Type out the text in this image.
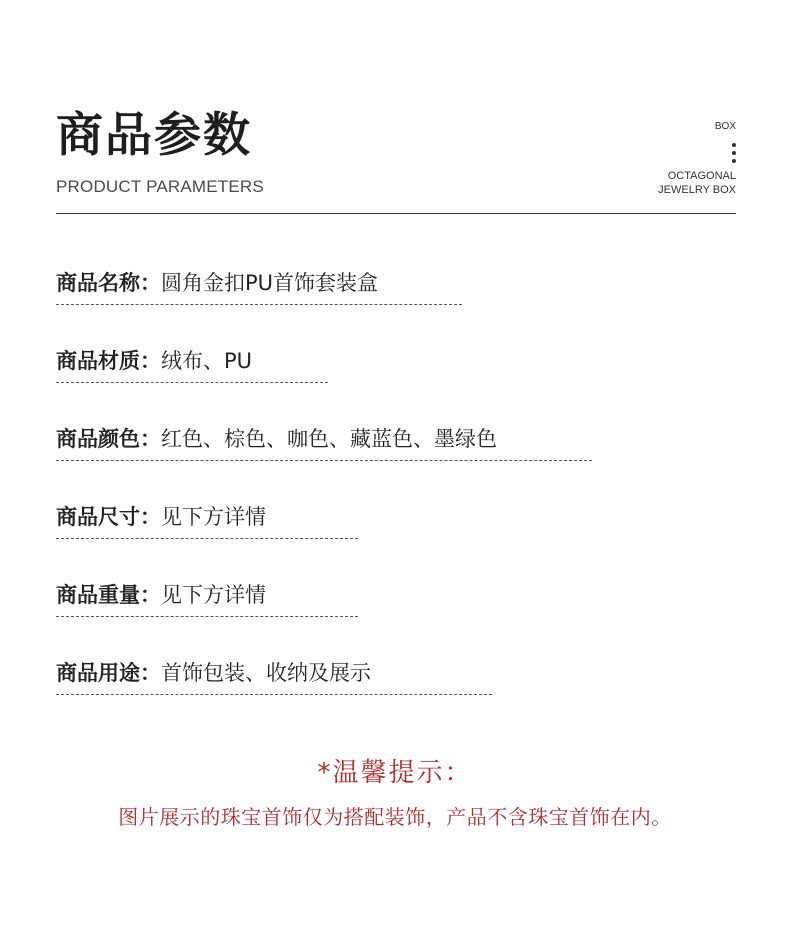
商品参数
PRODUCT PARAMETERS
BOX
OCTAGONAL
JEWELRY BOX
商品名称：圆角金扣PU首饰套装盒
商品材质：绒布、PU
商品颜色：红色、棕色、咖色、藏蓝色、墨绿色
商品尺寸：见下方详情
商品重量：见下方详情
商品用途：首饰包装、收纳及展示
*温馨提示：
图片展示的珠宝首饰仅为搭配装饰，产品不含珠宝首饰在内。
